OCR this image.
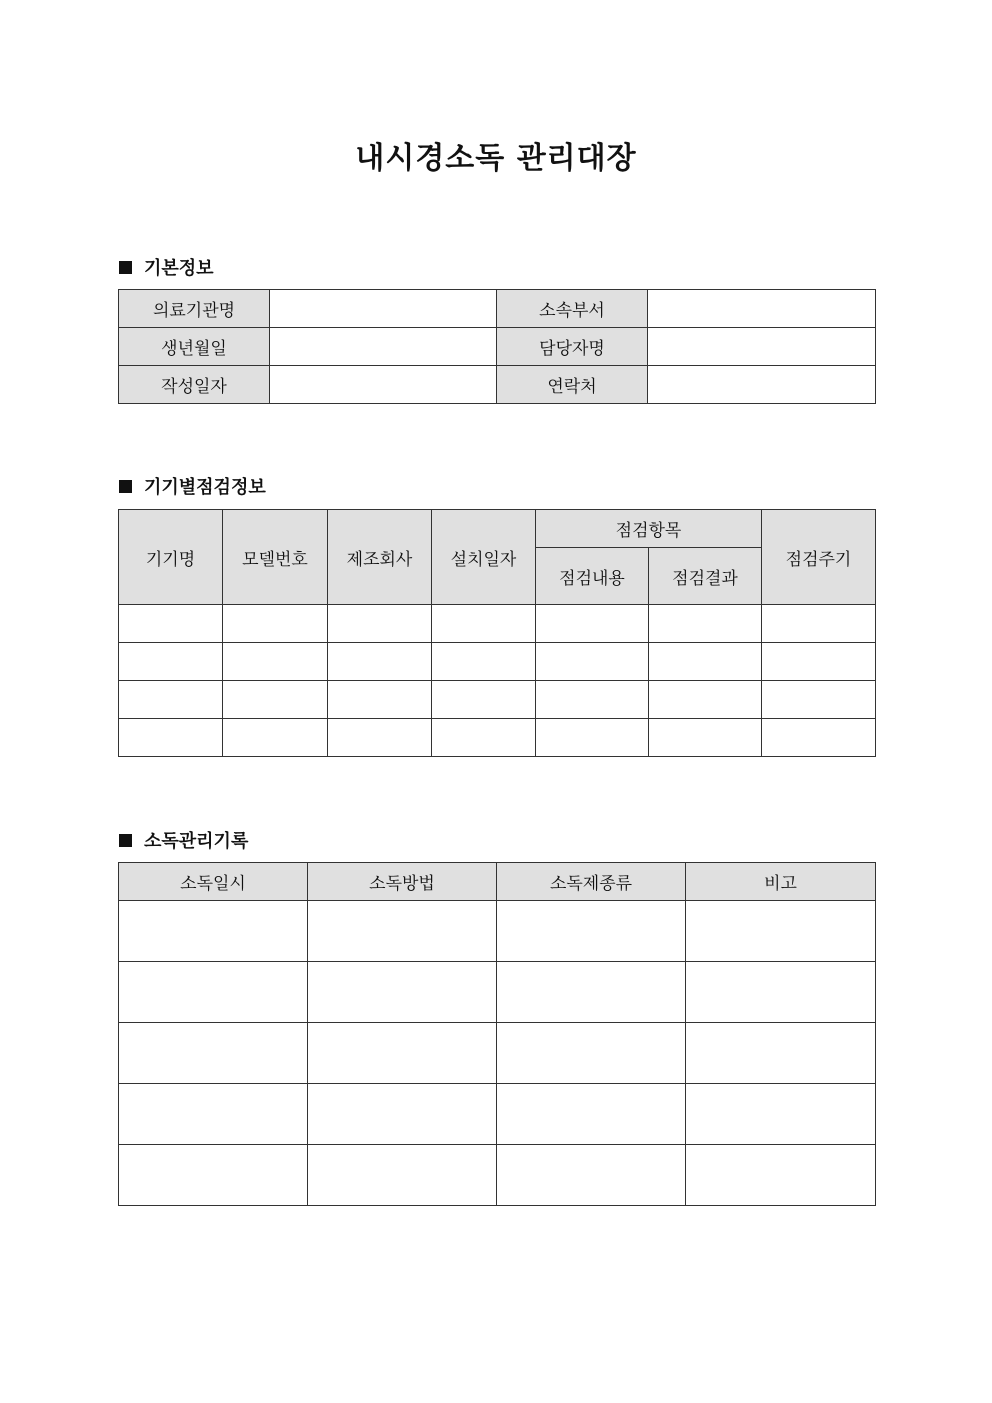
내시경소독 관리대장
기본정보
의료기관명		소속부서	
생년월일		담당자명	
작성일자		연락처	
기기별점검정보
기기명	모델번호	제조회사	설치일자	점검항목		점검주기
				점검내용	점검결과	

소독관리기록
소독일시	소독방법	소독제종류	비고
